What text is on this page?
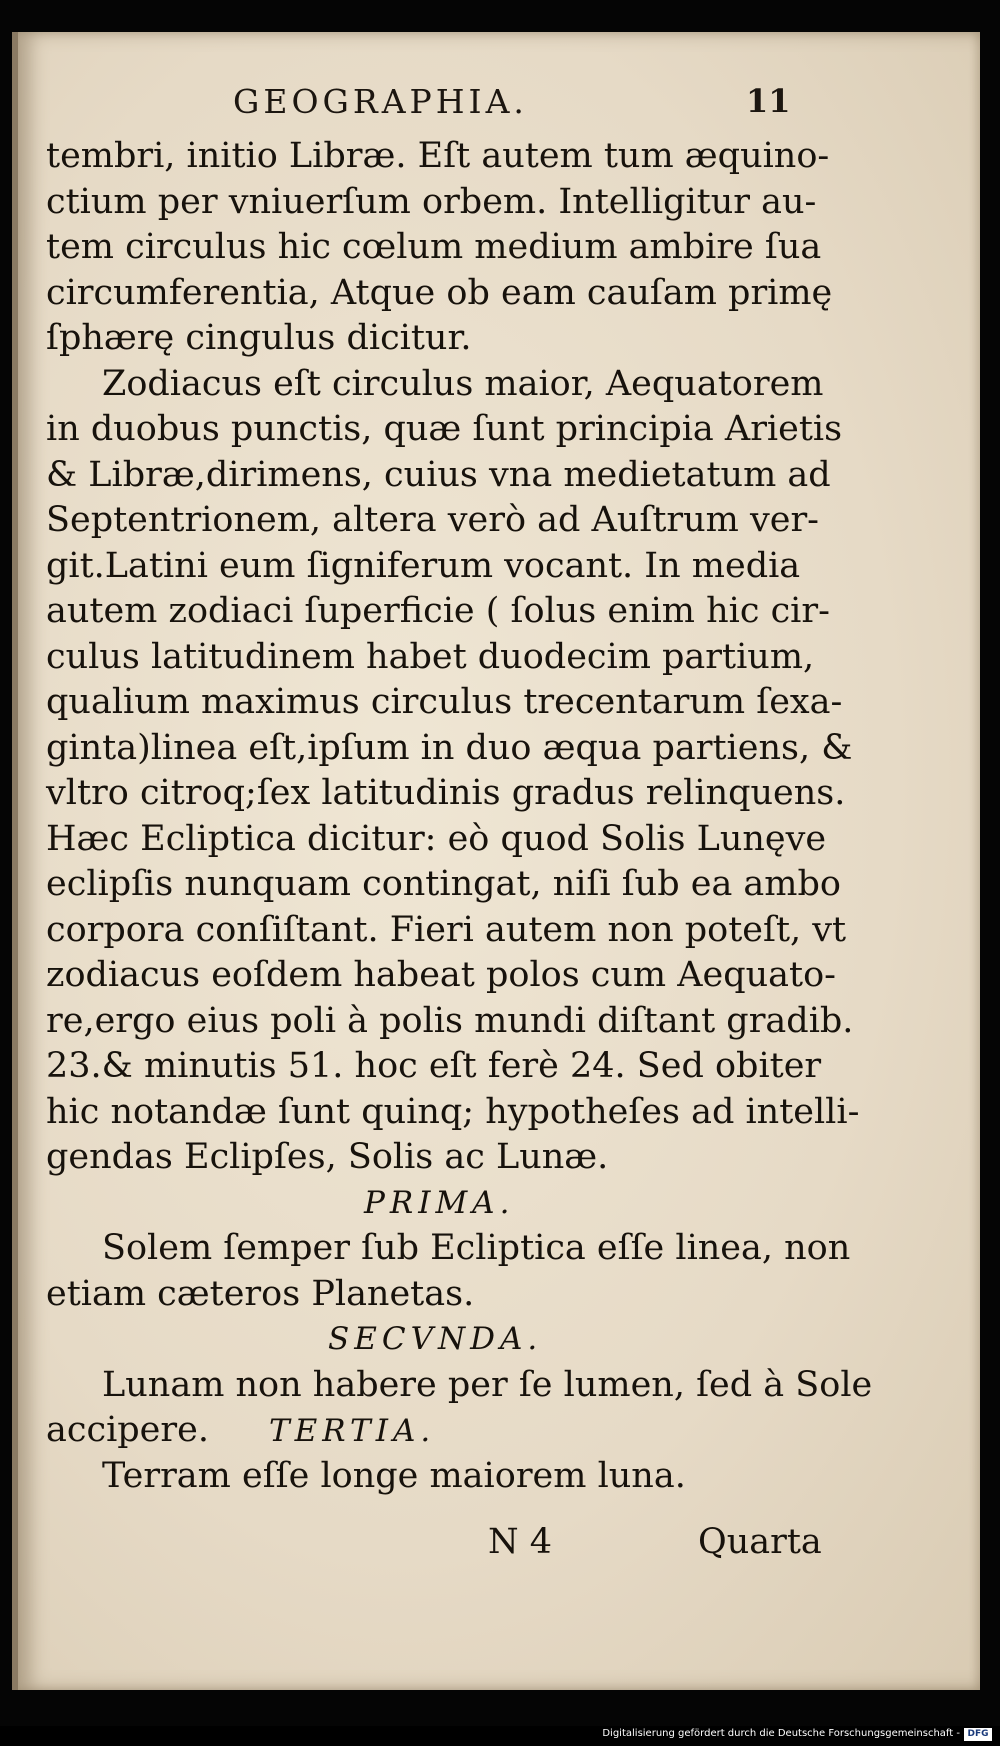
GEOGRAPHIA.	11
tembri, initio Libræ. Eſt autem tum æquino-
ctium per vniuerſum orbem. Intelligitur au-
tem circulus hic cœlum medium ambire ſua
circumferentia, Atque ob eam cauſam primę
ſphærę cingulus dicitur.
Zodiacus eſt circulus maior, Aequatorem
in duobus punctis, quæ ſunt principia Arietis
& Libræ,dirimens, cuius vna medietatum ad
Septentrionem, altera verò ad Auſtrum ver-
git.Latini eum ſigniferum vocant. In media
autem zodiaci ſuperficie ( ſolus enim hic cir-
culus latitudinem habet duodecim partium,
qualium maximus circulus trecentarum ſexa-
ginta)linea eſt,ipſum in duo æqua partiens, &
vltro citroq;ſex latitudinis gradus relinquens.
Hæc Ecliptica dicitur: eò quod Solis Lunęve
eclipſis nunquam contingat, niſi ſub ea ambo
corpora conſiſtant. Fieri autem non poteſt, vt
zodiacus eoſdem habeat polos cum Aequato-
re,ergo eius poli à polis mundi diſtant gradib.
23.& minutis 51. hoc eſt ferè 24. Sed obiter
hic notandæ ſunt quinq; hypotheſes ad intelli-
gendas Eclipſes, Solis ac Lunæ.
PRIMA.
Solem ſemper ſub Ecliptica eſſe linea, non
etiam cæteros Planetas.
SECVNDA.
Lunam non habere per ſe lumen, ſed à Sole
accipere. TERTIA.
Terram eſſe longe maiorem luna.
N 4	Quarta
Digitalisierung gefördert durch die Deutsche Forschungsgemeinschaft - DFG
